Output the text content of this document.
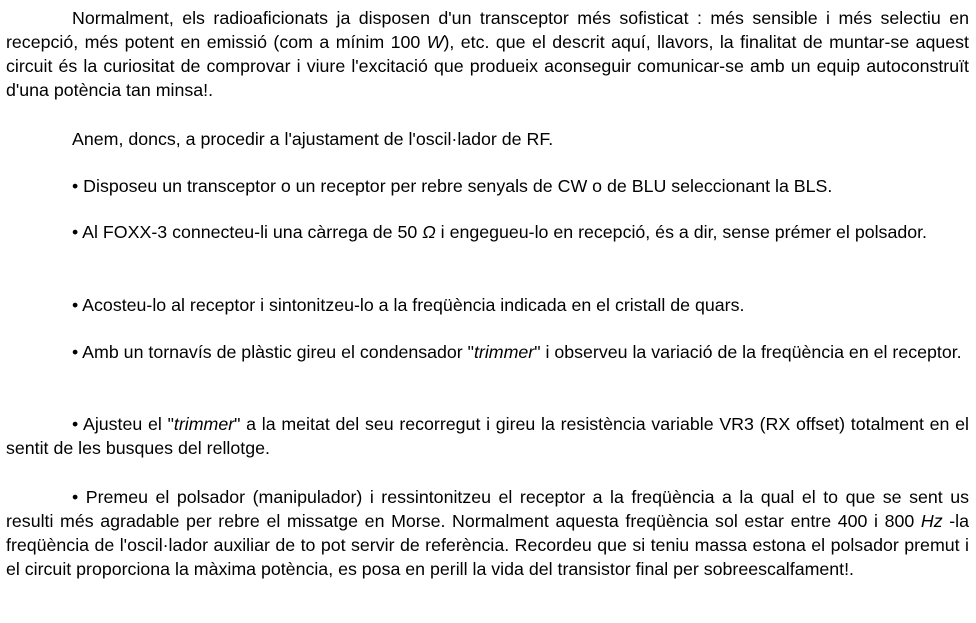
Normalment, els radioaficionats ja disposen d'un transceptor més sofisticat : més sensible i més selectiu en recepció, més potent en emissió (com a mínim 100 W), etc. que el descrit aquí, llavors, la finalitat de muntar-se aquest circuit és la curiositat de comprovar i viure l'excitació que produeix aconseguir comunicar-se amb un equip autoconstruït d'una potència tan minsa!.

Anem, doncs, a procedir a l'ajustament de l'oscil·lador de RF.

• Disposeu un transceptor o un receptor per rebre senyals de CW o de BLU seleccionant la BLS.

• Al FOXX-3 connecteu-li una càrrega de 50 Ω i engegueu-lo en recepció, és a dir, sense prémer el polsador.

• Acosteu-lo al receptor i sintonitzeu-lo a la freqüència indicada en el cristall de quars.

• Amb un tornavís de plàstic gireu el condensador "trimmer" i observeu la variació de la freqüència en el receptor.

• Ajusteu el "trimmer" a la meitat del seu recorregut i gireu la resistència variable VR3 (RX offset) totalment en el sentit de les busques del rellotge.

• Premeu el polsador (manipulador) i ressintonitzeu el receptor a la freqüència a la qual el to que se sent us resulti més agradable per rebre el missatge en Morse. Normalment aquesta freqüència sol estar entre 400 i 800 Hz -la freqüència de l'oscil·lador auxiliar de to pot servir de referència. Recordeu que si teniu massa estona el polsador premut i el circuit proporciona la màxima potència, es posa en perill la vida del transistor final per sobreescalfament!.
